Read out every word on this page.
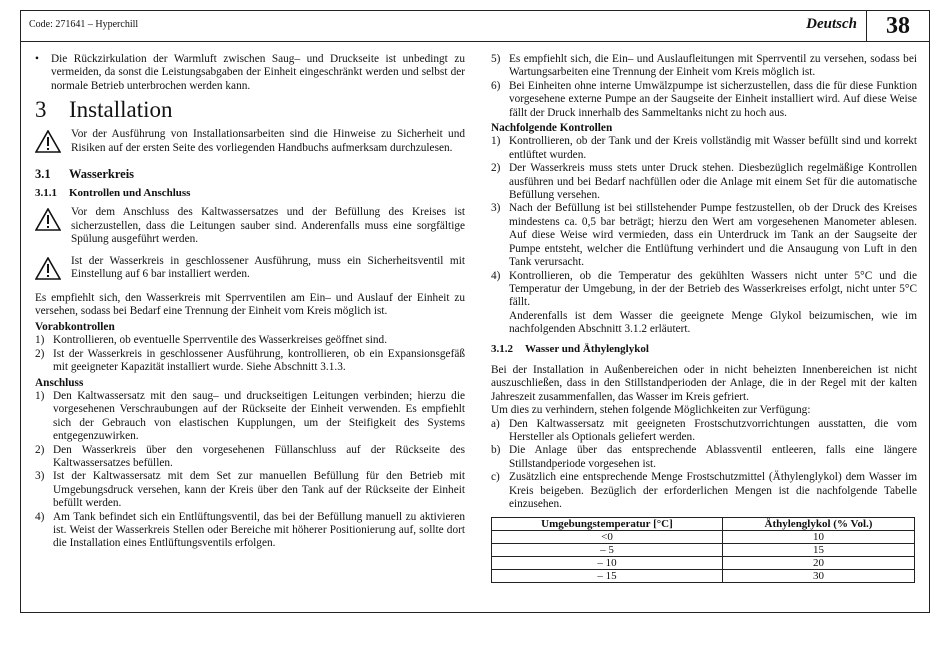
Code: 271641 – Hyperchill	Deutsch	38
•	Die Rückzirkulation der Warmluft zwischen Saug– und Druckseite ist unbedingt zu vermeiden, da sonst die Leistungsabgaben der Einheit eingeschränkt werden und selbst der normale Betrieb unterbrochen werden kann.
3 Installation
Vor der Ausführung von Installationsarbeiten sind die Hinweise zu Sicherheit und Risiken auf der ersten Seite des vorliegenden Handbuchs aufmerksam durchzulesen.
3.1	Wasserkreis
3.1.1	Kontrollen und Anschluss
Vor dem Anschluss des Kaltwassersatzes und der Befüllung des Kreises ist sicherzustellen, dass die Leitungen sauber sind. Anderenfalls muss eine sorgfältige Spülung ausgeführt werden.
Ist der Wasserkreis in geschlossener Ausführung, muss ein Sicherheitsventil mit Einstellung auf 6 bar installiert werden.

Es empfiehlt sich, den Wasserkreis mit Sperrventilen am Ein– und Auslauf der Einheit zu versehen, sodass bei Bedarf eine Trennung der Einheit vom Kreis möglich ist.

Vorabkontrollen
1) Kontrollieren, ob eventuelle Sperrventile des Wasserkreises geöffnet sind.
2) Ist der Wasserkreis in geschlossener Ausführung, kontrollieren, ob ein Expansionsgefäß mit geeigneter Kapazität installiert wurde. Siehe Abschnitt 3.1.3.
Anschluss
1) Den Kaltwassersatz mit den saug– und druckseitigen Leitungen verbinden; hierzu die vorgesehenen Verschraubungen auf der Rückseite der Einheit verwenden. Es empfiehlt sich der Gebrauch von elastischen Kupplungen, um der Steifigkeit des Systems entgegenzuwirken.
2) Den Wasserkreis über den vorgesehenen Füllanschluss auf der Rückseite des Kaltwassersatzes befüllen.
3) Ist der Kaltwassersatz mit dem Set zur manuellen Befüllung für den Betrieb mit Umgebungsdruck versehen, kann der Kreis über den Tank auf der Rückseite der Einheit befüllt werden.
4) Am Tank befindet sich ein Entlüftungsventil, das bei der Befüllung manuell zu aktivieren ist. Weist der Wasserkreis Stellen oder Bereiche mit höherer Positionierung auf, sollte dort die Installation eines Entlüftungsventils erfolgen.
5) Es empfiehlt sich, die Ein– und Auslaufleitungen mit Sperrventil zu versehen, sodass bei Wartungsarbeiten eine Trennung der Einheit vom Kreis möglich ist.
6) Bei Einheiten ohne interne Umwälzpumpe ist sicherzustellen, dass die für diese Funktion vorgesehene externe Pumpe an der Saugseite der Einheit installiert wird. Auf diese Weise fällt der Druck innerhalb des Sammeltanks nicht zu hoch aus.
Nachfolgende Kontrollen
1) Kontrollieren, ob der Tank und der Kreis vollständig mit Wasser befüllt sind und korrekt entlüftet wurden.
2) Der Wasserkreis muss stets unter Druck stehen. Diesbezüglich regelmäßige Kontrollen ausführen und bei Bedarf nachfüllen oder die Anlage mit einem Set für die automatische Befüllung versehen.
3) Nach der Befüllung ist bei stillstehender Pumpe festzustellen, ob der Druck des Kreises mindestens ca. 0,5 bar beträgt; hierzu den Wert am vorgesehenen Manometer ablesen. Auf diese Weise wird vermieden, dass ein Unterdruck im Tank an der Saugseite der Pumpe entsteht, welcher die Entlüftung verhindert und die Ansaugung von Luft in den Tank verursacht.
4) Kontrollieren, ob die Temperatur des gekühlten Wassers nicht unter 5°C und die Temperatur der Umgebung, in der der Betrieb des Wasserkreises erfolgt, nicht unter 5°C fällt.

Anderenfalls ist dem Wasser die geeignete Menge Glykol beizumischen, wie im nachfolgenden Abschnitt 3.1.2 erläutert.

3.1.2	Wasser und Äthylenglykol

Bei der Installation in Außenbereichen oder in nicht beheizten Innenbereichen ist nicht auszuschließen, dass in den Stillstandperioden der Anlage, die in der Regel mit der kalten Jahreszeit zusammenfallen, das Wasser im Kreis gefriert.

Um dies zu verhindern, stehen folgende Möglichkeiten zur Verfügung:

a) Den Kaltwassersatz mit geeigneten Frostschutzvorrichtungen ausstatten, die vom Hersteller als Optionals geliefert werden.
b) Die Anlage über das entsprechende Ablassventil entleeren, falls eine längere Stillstandperiode vorgesehen ist.
c) Zusätzlich eine entsprechende Menge Frostschutzmittel (Äthylenglykol) dem Wasser im Kreis beigeben. Bezüglich der erforderlichen Mengen ist die nachfolgende Tabelle einzusehen.
Umgebungstemperatur [°C]	Äthylenglykol (% Vol.)
<0	10
– 5	15
– 10	20
– 15	30
